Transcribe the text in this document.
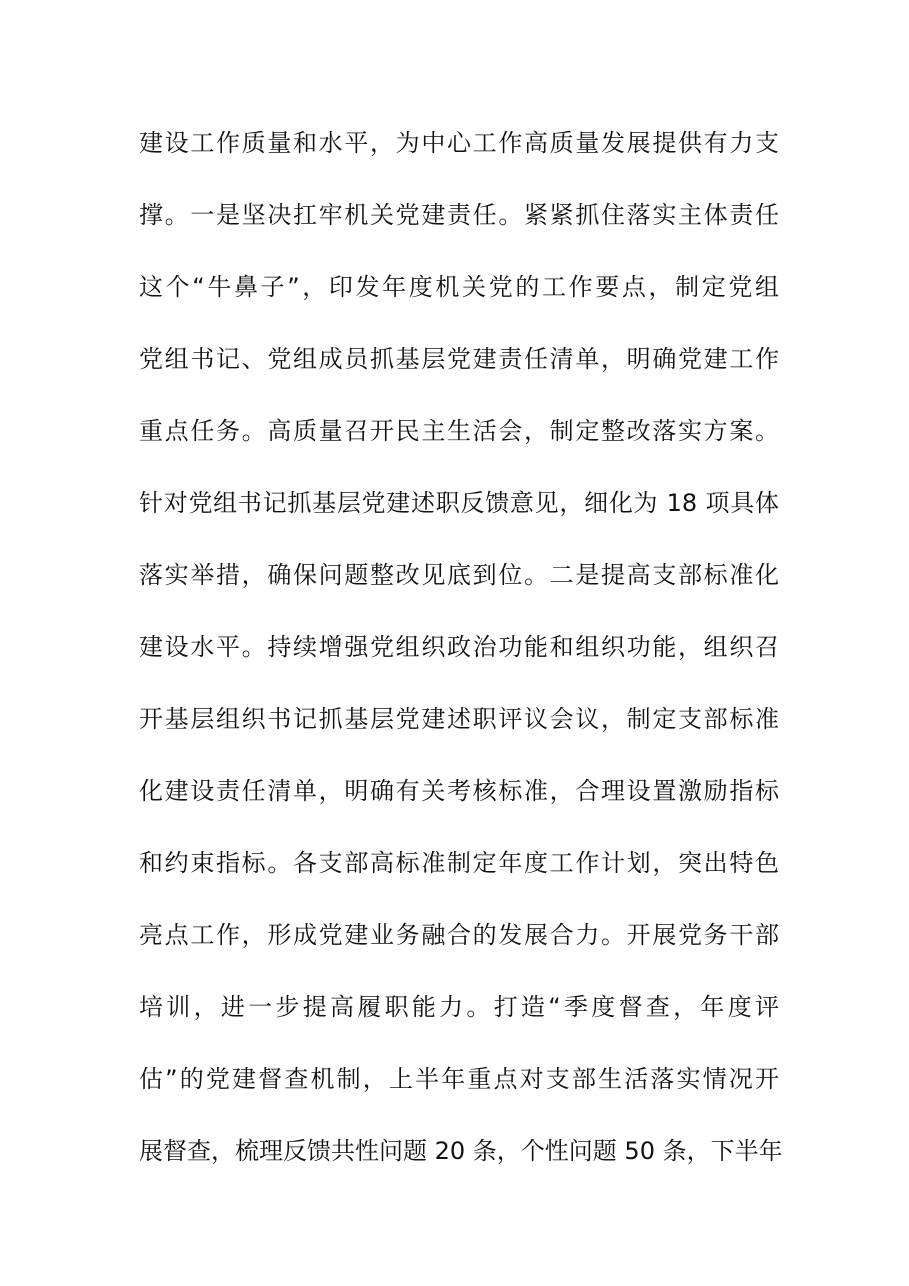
建设工作质量和水平，为中心工作高质量发展提供有力支
撑。一是坚决扛牢机关党建责任。紧紧抓住落实主体责任
这个“牛鼻子”，印发年度机关党的工作要点，制定党组
党组书记、党组成员抓基层党建责任清单，明确党建工作
重点任务。高质量召开民主生活会，制定整改落实方案。
针对党组书记抓基层党建述职反馈意见，细化为 18 项具体
落实举措，确保问题整改见底到位。二是提高支部标准化
建设水平。持续增强党组织政治功能和组织功能，组织召
开基层组织书记抓基层党建述职评议会议，制定支部标准
化建设责任清单，明确有关考核标准，合理设置激励指标
和约束指标。各支部高标准制定年度工作计划，突出特色
亮点工作，形成党建业务融合的发展合力。开展党务干部
培训，进一步提高履职能力。打造“季度督查，年度评
估”的党建督查机制，上半年重点对支部生活落实情况开
展督查，梳理反馈共性问题 20 条，个性问题 50 条，下半年
